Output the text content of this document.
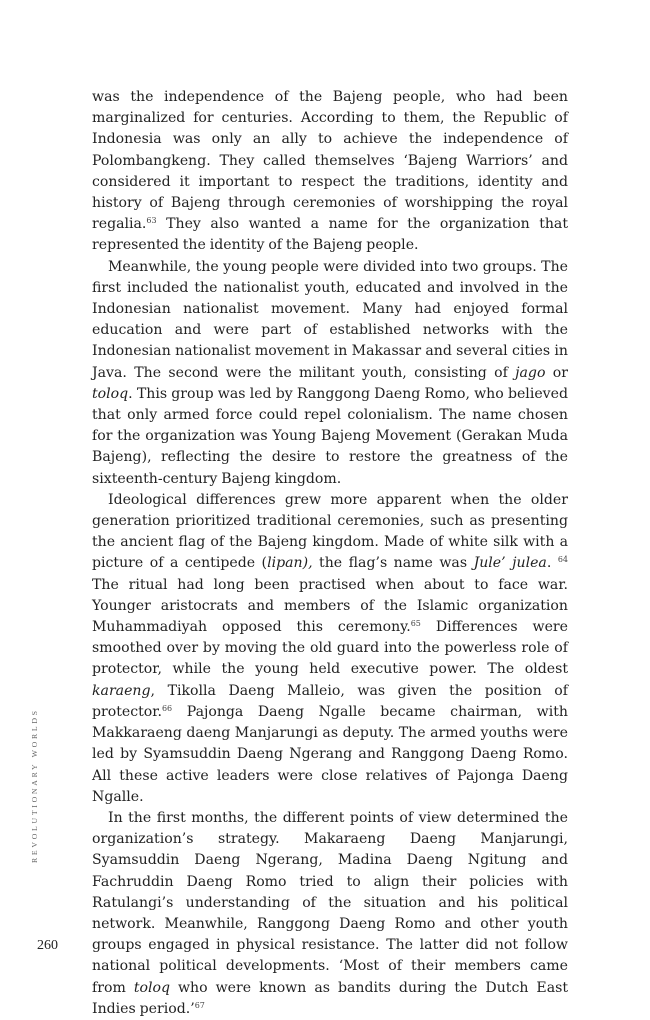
was the independence of the Bajeng people, who had been marginalized for centuries. According to them, the Republic of Indonesia was only an ally to achieve the independence of Polombangkeng. They called themselves ‘Bajeng Warriors’ and considered it important to respect the traditions, identity and history of Bajeng through ceremonies of worshipping the royal regalia.$^{63}$ They also wanted a name for the organization that represented the identity of the Bajeng people.

Meanwhile, the young people were divided into two groups. The first included the nationalist youth, educated and involved in the Indonesian nationalist movement. Many had enjoyed formal education and were part of established networks with the Indonesian nationalist movement in Makassar and several cities in Java. The second were the militant youth, consisting of jago or toloq. This group was led by Ranggong Daeng Romo, who believed that only armed force could repel colonialism. The name chosen for the organization was Young Bajeng Movement (Gerakan Muda Bajeng), reflecting the desire to restore the greatness of the sixteenth-century Bajeng kingdom.

Ideological differences grew more apparent when the older generation prioritized traditional ceremonies, such as presenting the ancient flag of the Bajeng kingdom. Made of white silk with a picture of a centipede (lipan), the flag’s name was Jule’ julea. $^{64}$ The ritual had long been practised when about to face war. Younger aristocrats and members of the Islamic organization Muhammadiyah opposed this ceremony.$^{65}$ Differences were smoothed over by moving the old guard into the powerless role of protector, while the young held executive power. The oldest karaeng, Tikolla Daeng Malleio, was given the position of protector.$^{66}$ Pajonga Daeng Ngalle became chairman, with Makkaraeng daeng Manjarungi as deputy. The armed youths were led by Syamsuddin Daeng Ngerang and Ranggong Daeng Romo. All these active leaders were close relatives of Pajonga Daeng Ngalle.

In the first months, the different points of view determined the organization’s strategy. Makaraeng Daeng Manjarungi, Syamsuddin Daeng Ngerang, Madina Daeng Ngitung and Fachruddin Daeng Romo tried to align their policies with Ratulangi’s understanding of the situation and his political network. Meanwhile, Ranggong Daeng Romo and other youth groups engaged in physical resistance. The latter did not follow national political developments. ‘Most of their members came from toloq who were known as bandits during the Dutch East Indies period.’$^{67}$

REVOLUTIONARY WORLDS
260
